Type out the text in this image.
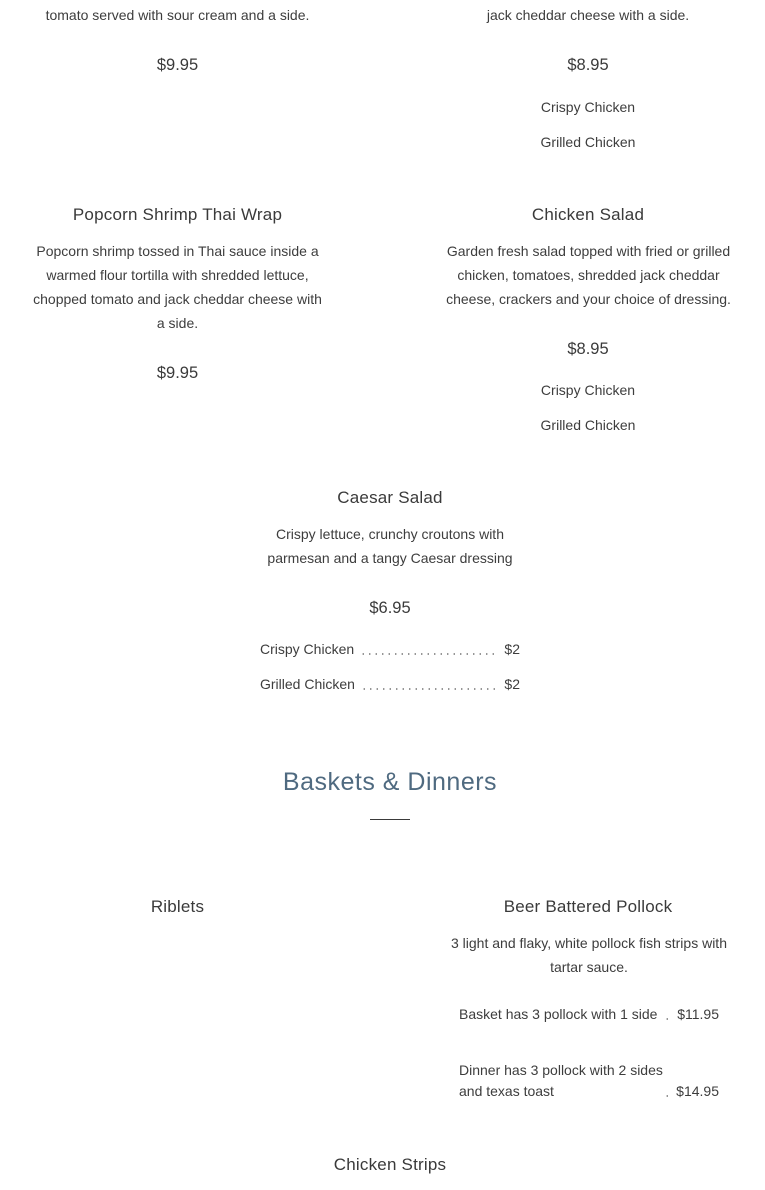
tomato served with sour cream and a side.
$9.95
jack cheddar cheese with a side.
$8.95
Crispy Chicken
Grilled Chicken
Popcorn Shrimp Thai Wrap
Popcorn shrimp tossed in Thai sauce inside a warmed flour tortilla with shredded lettuce, chopped tomato and jack cheddar cheese with a side.
$9.95
Chicken Salad
Garden fresh salad topped with fried or grilled chicken, tomatoes, shredded jack cheddar cheese, crackers and your choice of dressing.
$8.95
Crispy Chicken
Grilled Chicken
Caesar Salad
Crispy lettuce, crunchy croutons with parmesan and a tangy Caesar dressing
$6.95
Crispy Chicken	$2
Grilled Chicken	$2
Baskets & Dinners
Riblets	Beer Battered Pollock
3 light and flaky, white pollock fish strips with tartar sauce.
Basket has 3 pollock with 1 side	$11.95
Dinner has 3 pollock with 2 sides and texas toast	$14.95
Chicken Strips
